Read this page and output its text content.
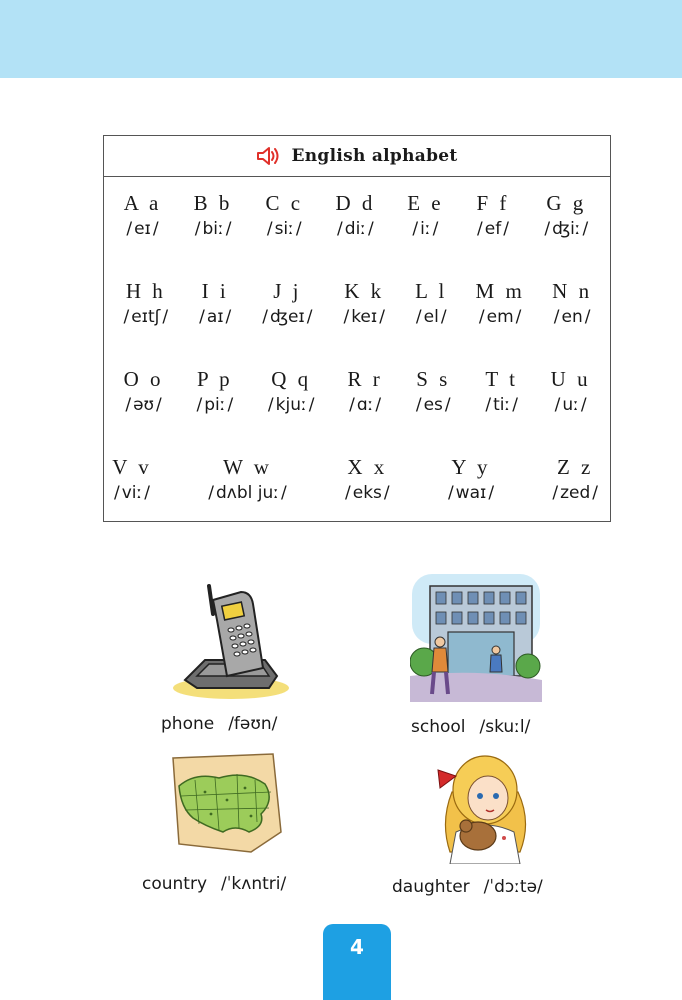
English alphabet
A a
/ eɪ /
B b
/ biː /
C c
/ siː /
D d
/ diː /
E e
/ iː /
F f
/ ef /
G g
/ ʤiː /
H h
/ eɪtʃ /
I i
/ aɪ /
J j
/ ʤeɪ /
K k
/ keɪ /
L l
/ el /
M m
/ em /
N n
/ en /
O o
/ əʊ /
P p
/ piː /
Q q
/ kjuː /
R r
/ ɑː /
S s
/ es /
T t
/ tiː /
U u
/ uː /
V v
/ viː /
W w
/ dʌbl juː /
X x
/ eks /
Y y
/ waɪ /
Z z
/ zed /
phone /fəʊn/	school /skuːl/
country /ˈkʌntri/	daughter /ˈdɔːtə/
4
